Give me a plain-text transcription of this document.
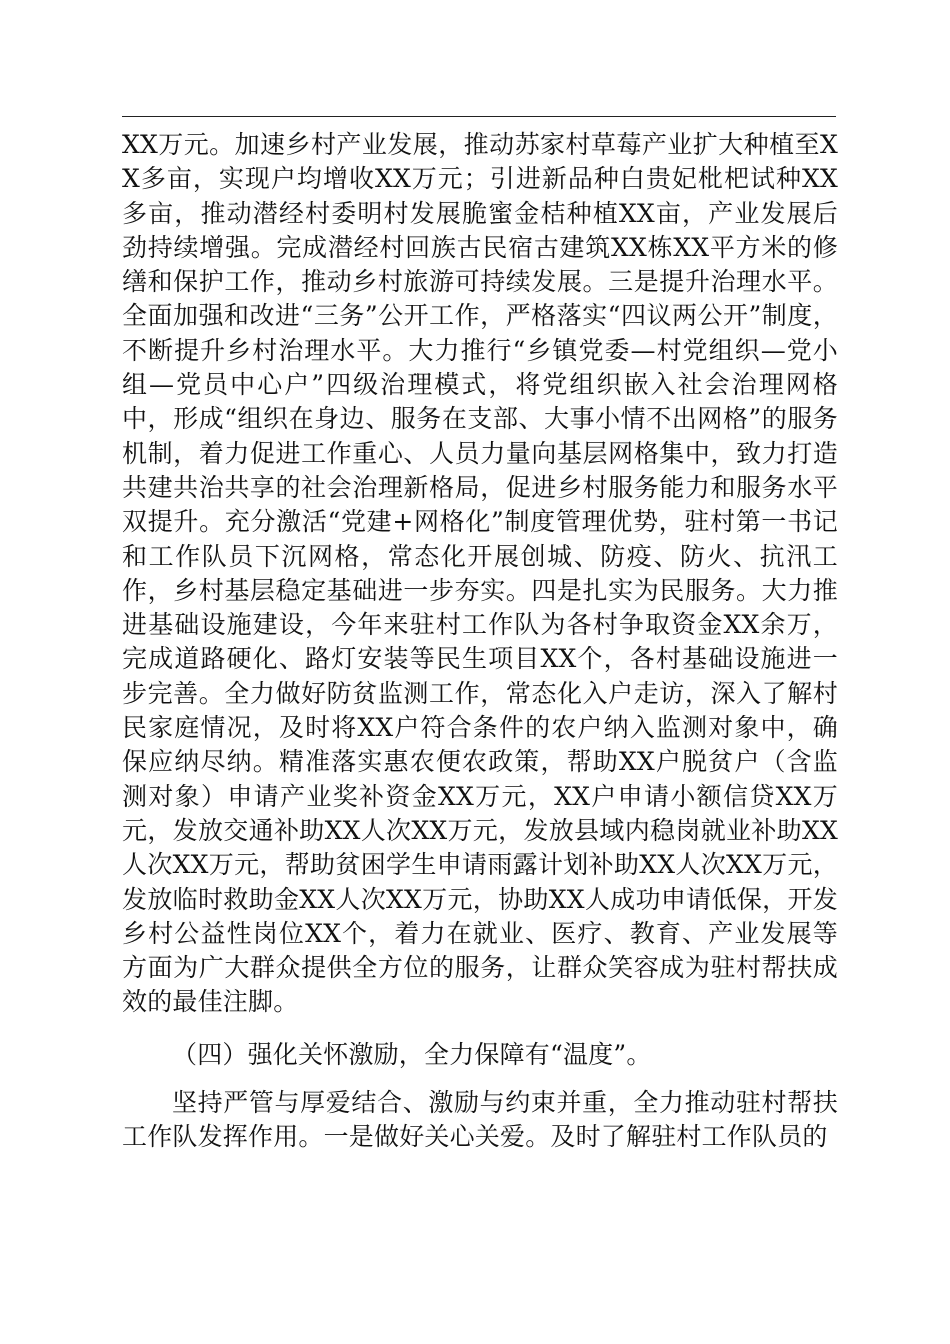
XX万元。加速乡村产业发展，推动苏家村草莓产业扩大种植至XX多亩，实现户均增收XX万元；引进新品种白贵妃枇杷试种XX多亩，推动潜经村委明村发展脆蜜金桔种植XX亩，产业发展后劲持续增强。完成潜经村回族古民宿古建筑XX栋XX平方米的修缮和保护工作，推动乡村旅游可持续发展。三是提升治理水平。全面加强和改进“三务”公开工作，严格落实“四议两公开”制度，不断提升乡村治理水平。大力推行“乡镇党委—村党组织—党小组—党员中心户”四级治理模式，将党组织嵌入社会治理网格中，形成“组织在身边、服务在支部、大事小情不出网格”的服务机制，着力促进工作重心、人员力量向基层网格集中，致力打造共建共治共享的社会治理新格局，促进乡村服务能力和服务水平双提升。充分激活“党建+网格化”制度管理优势，驻村第一书记和工作队员下沉网格，常态化开展创城、防疫、防火、抗汛工作，乡村基层稳定基础进一步夯实。四是扎实为民服务。大力推进基础设施建设，今年来驻村工作队为各村争取资金XX余万，完成道路硬化、路灯安装等民生项目XX个，各村基础设施进一步完善。全力做好防贫监测工作，常态化入户走访，深入了解村民家庭情况，及时将XX户符合条件的农户纳入监测对象中，确保应纳尽纳。精准落实惠农便农政策，帮助XX户脱贫户（含监测对象）申请产业奖补资金XX万元，XX户申请小额信贷XX万元，发放交通补助XX人次XX万元，发放县域内稳岗就业补助XX人次XX万元，帮助贫困学生申请雨露计划补助XX人次XX万元，发放临时救助金XX人次XX万元，协助XX人成功申请低保，开发乡村公益性岗位XX个，着力在就业、医疗、教育、产业发展等方面为广大群众提供全方位的服务，让群众笑容成为驻村帮扶成效的最佳注脚。

（四）强化关怀激励，全力保障有“温度”。

坚持严管与厚爱结合、激励与约束并重，全力推动驻村帮扶工作队发挥作用。一是做好关心关爱。及时了解驻村工作队员的
